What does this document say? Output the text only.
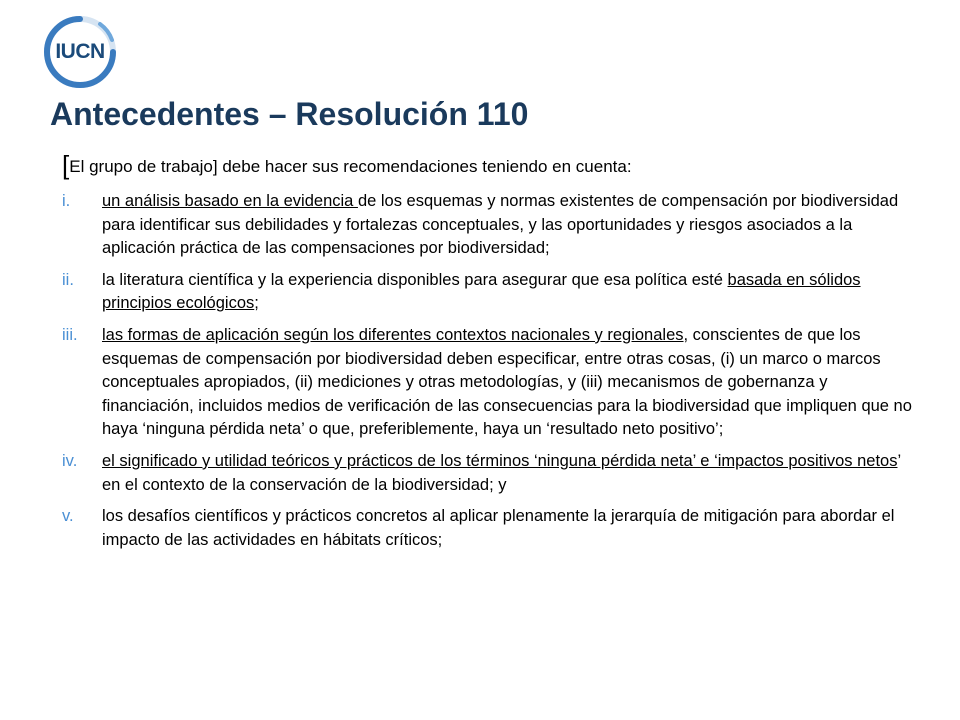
IUCN
Antecedentes – Resolución 110
[El grupo de trabajo] debe hacer sus recomendaciones teniendo en cuenta:
i. un análisis basado en la evidencia de los esquemas y normas existentes de compensación por biodiversidad para identificar sus debilidades y fortalezas conceptuales, y las oportunidades y riesgos asociados a la aplicación práctica de las compensaciones por biodiversidad;
ii. la literatura científica y la experiencia disponibles para asegurar que esa política esté basada en sólidos principios ecológicos;
iii. las formas de aplicación según los diferentes contextos nacionales y regionales, conscientes de que los esquemas de compensación por biodiversidad deben especificar, entre otras cosas, (i) un marco o marcos conceptuales apropiados, (ii) mediciones y otras metodologías, y (iii) mecanismos de gobernanza y financiación, incluidos medios de verificación de las consecuencias para la biodiversidad que impliquen que no haya ‘ninguna pérdida neta’ o que, preferiblemente, haya un ‘resultado neto positivo’;
iv. el significado y utilidad teóricos y prácticos de los términos ‘ninguna pérdida neta’ e ‘impactos positivos netos’ en el contexto de la conservación de la biodiversidad; y
v. los desafíos científicos y prácticos concretos al aplicar plenamente la jerarquía de mitigación para abordar el impacto de las actividades en hábitats críticos;
